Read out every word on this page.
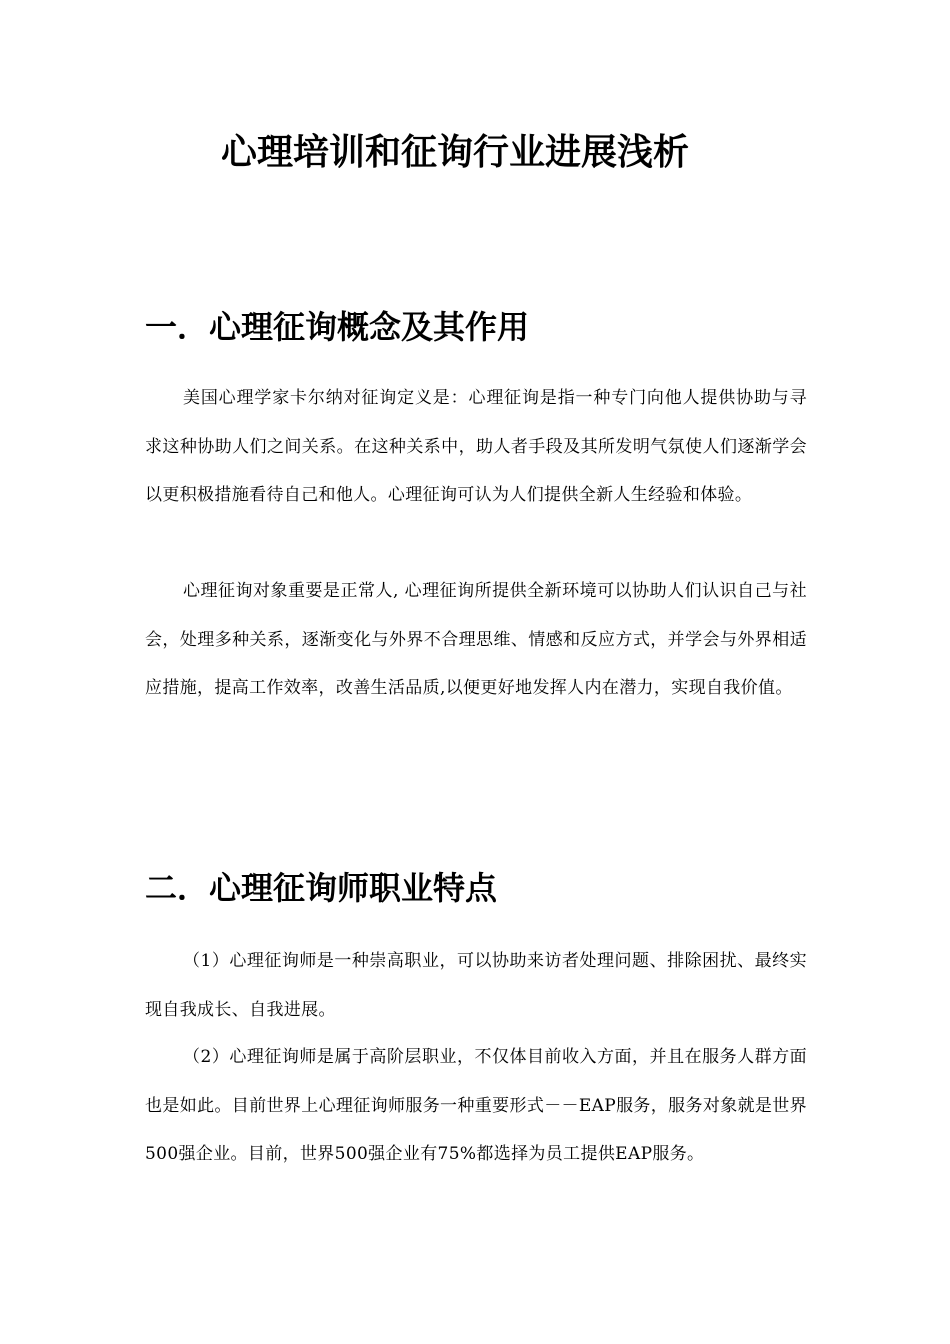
心理培训和征询行业进展浅析
一．心理征询概念及其作用

美国心理学家卡尔纳对征询定义是：心理征询是指一种专门向他人提供协助与寻求这种协助人们之间关系。在这种关系中，助人者手段及其所发明气氛使人们逐渐学会以更积极措施看待自己和他人。心理征询可认为人们提供全新人生经验和体验。

心理征询对象重要是正常人, 心理征询所提供全新环境可以协助人们认识自己与社会，处理多种关系，逐渐变化与外界不合理思维、情感和反应方式，并学会与外界相适应措施，提高工作效率，改善生活品质,以便更好地发挥人内在潜力，实现自我价值。

二．心理征询师职业特点

（1）心理征询师是一种崇高职业，可以协助来访者处理问题、排除困扰、最终实现自我成长、自我进展。

（2）心理征询师是属于高阶层职业，不仅体目前收入方面，并且在服务人群方面也是如此。目前世界上心理征询师服务一种重要形式－－EAP服务，服务对象就是世界500强企业。目前，世界500强企业有75%都选择为员工提供EAP服务。
